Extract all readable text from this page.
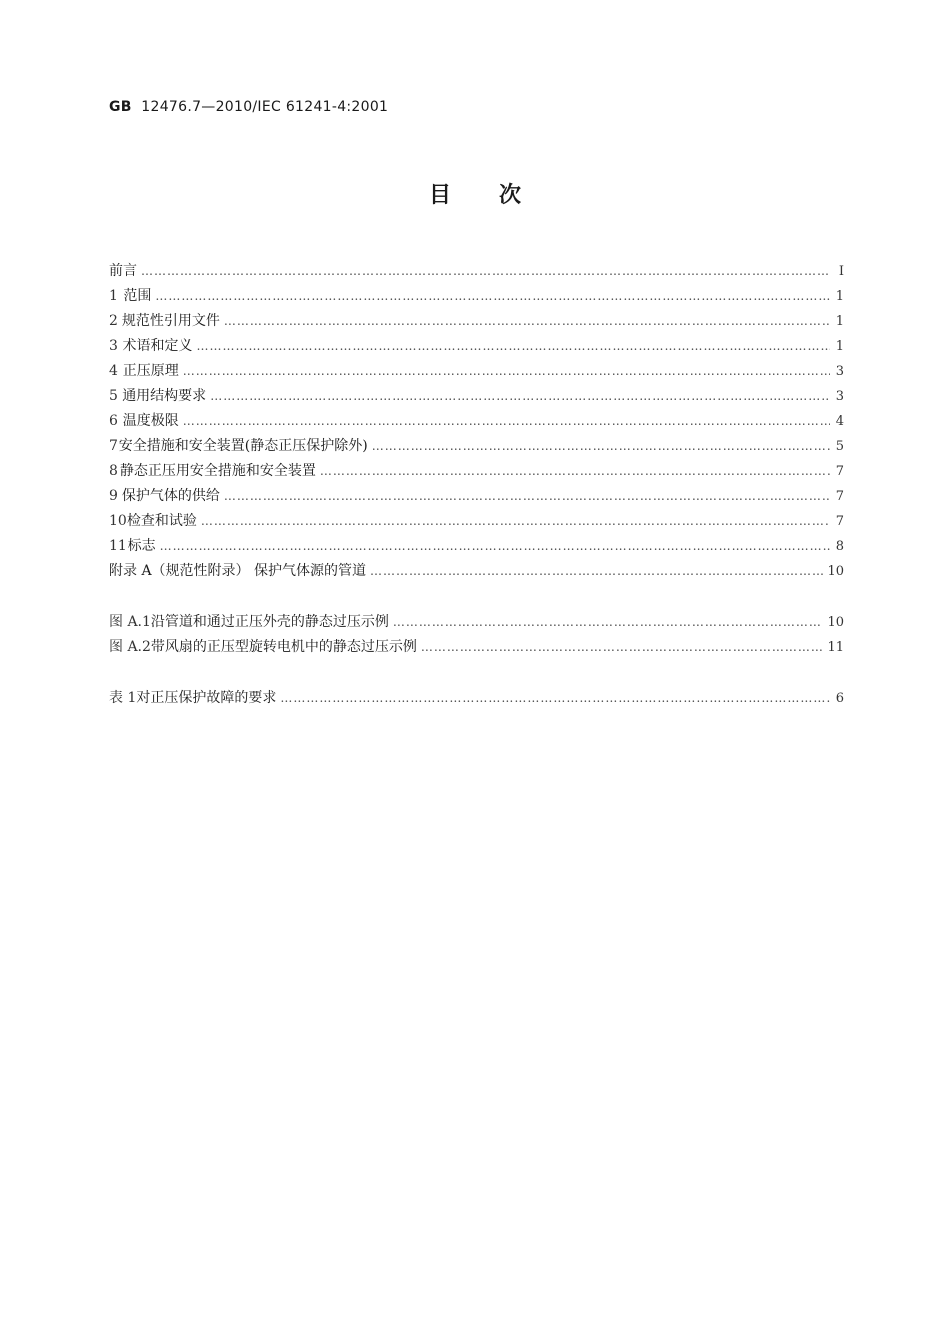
GB 12476.7—2010/IEC 61241-4:2001
目次
前言 …………………………………………………………………………………………………………………………………………………………………………………………………………………………………………………………	Ⅰ
1 范围 …………………………………………………………………………………………………………………………………………………………………………………………………………………………………………………………	1
2 规范性引用文件 …………………………………………………………………………………………………………………………………………………………………………………………………………………………………………………………	1
3 术语和定义 …………………………………………………………………………………………………………………………………………………………………………………………………………………………………………………………	1
4 正压原理 …………………………………………………………………………………………………………………………………………………………………………………………………………………………………………………………	3
5 通用结构要求 …………………………………………………………………………………………………………………………………………………………………………………………………………………………………………………………	3
6 温度极限 …………………………………………………………………………………………………………………………………………………………………………………………………………………………………………………………	4
7 安全措施和安全装置(静态正压保护除外) …………………………………………………………………………………………………………………………………………………………………………………………………………………………………………………………	5
8 静态正压用安全措施和安全装置 …………………………………………………………………………………………………………………………………………………………………………………………………………………………………………………………	7
9 保护气体的供给 …………………………………………………………………………………………………………………………………………………………………………………………………………………………………………………………	7
10 检查和试验 …………………………………………………………………………………………………………………………………………………………………………………………………………………………………………………………	7
11 标志 …………………………………………………………………………………………………………………………………………………………………………………………………………………………………………………………	8
附录 A（规范性附录） 保护气体源的管道 …………………………………………………………………………………………………………………………………………………………………………………………………………………………………………………………	10
图 A.1 沿管道和通过正压外壳的静态过压示例 …………………………………………………………………………………………………………………………………………………………………………………………………………………………………………………………	10
图 A.2 带风扇的正压型旋转电机中的静态过压示例 …………………………………………………………………………………………………………………………………………………………………………………………………………………………………………………………	11
表 1 对正压保护故障的要求 …………………………………………………………………………………………………………………………………………………………………………………………………………………………………………………………	6
